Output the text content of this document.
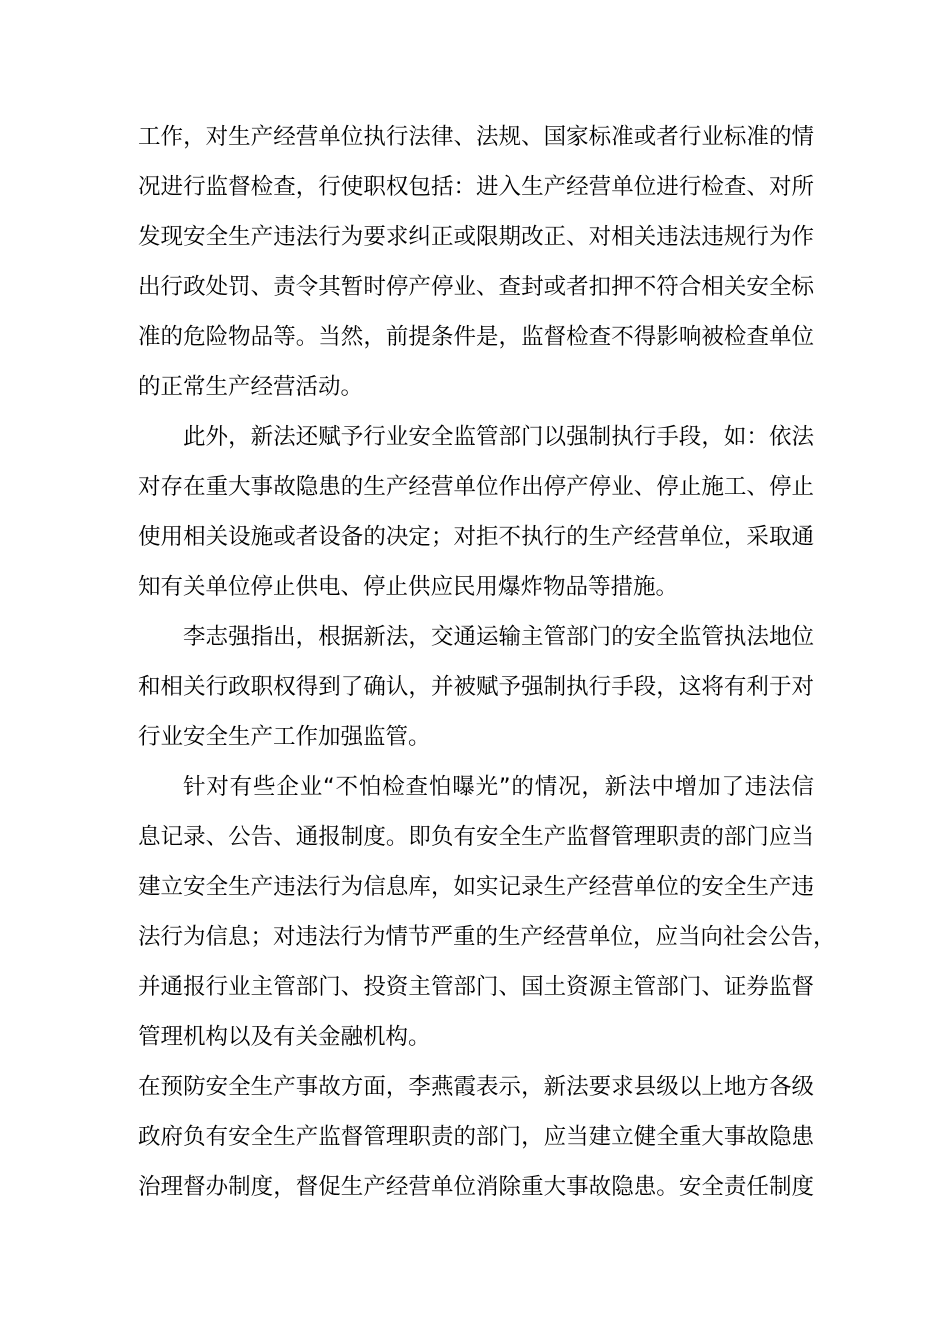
工作，对生产经营单位执行法律、法规、国家标准或者行业标准的情
况进行监督检查，行使职权包括：进入生产经营单位进行检查、对所
发现安全生产违法行为要求纠正或限期改正、对相关违法违规行为作
出行政处罚、责令其暂时停产停业、查封或者扣押不符合相关安全标
准的危险物品等。当然，前提条件是，监督检查不得影响被检查单位
的正常生产经营活动。
此外，新法还赋予行业安全监管部门以强制执行手段，如：依法
对存在重大事故隐患的生产经营单位作出停产停业、停止施工、停止
使用相关设施或者设备的决定；对拒不执行的生产经营单位，采取通
知有关单位停止供电、停止供应民用爆炸物品等措施。
李志强指出，根据新法，交通运输主管部门的安全监管执法地位
和相关行政职权得到了确认，并被赋予强制执行手段，这将有利于对
行业安全生产工作加强监管。
针对有些企业“不怕检查怕曝光”的情况，新法中增加了违法信
息记录、公告、通报制度。即负有安全生产监督管理职责的部门应当
建立安全生产违法行为信息库，如实记录生产经营单位的安全生产违
法行为信息；对违法行为情节严重的生产经营单位，应当向社会公告，
并通报行业主管部门、投资主管部门、国土资源主管部门、证券监督
管理机构以及有关金融机构。
在预防安全生产事故方面，李燕霞表示，新法要求县级以上地方各级
政府负有安全生产监督管理职责的部门，应当建立健全重大事故隐患
治理督办制度，督促生产经营单位消除重大事故隐患。安全责任制度
